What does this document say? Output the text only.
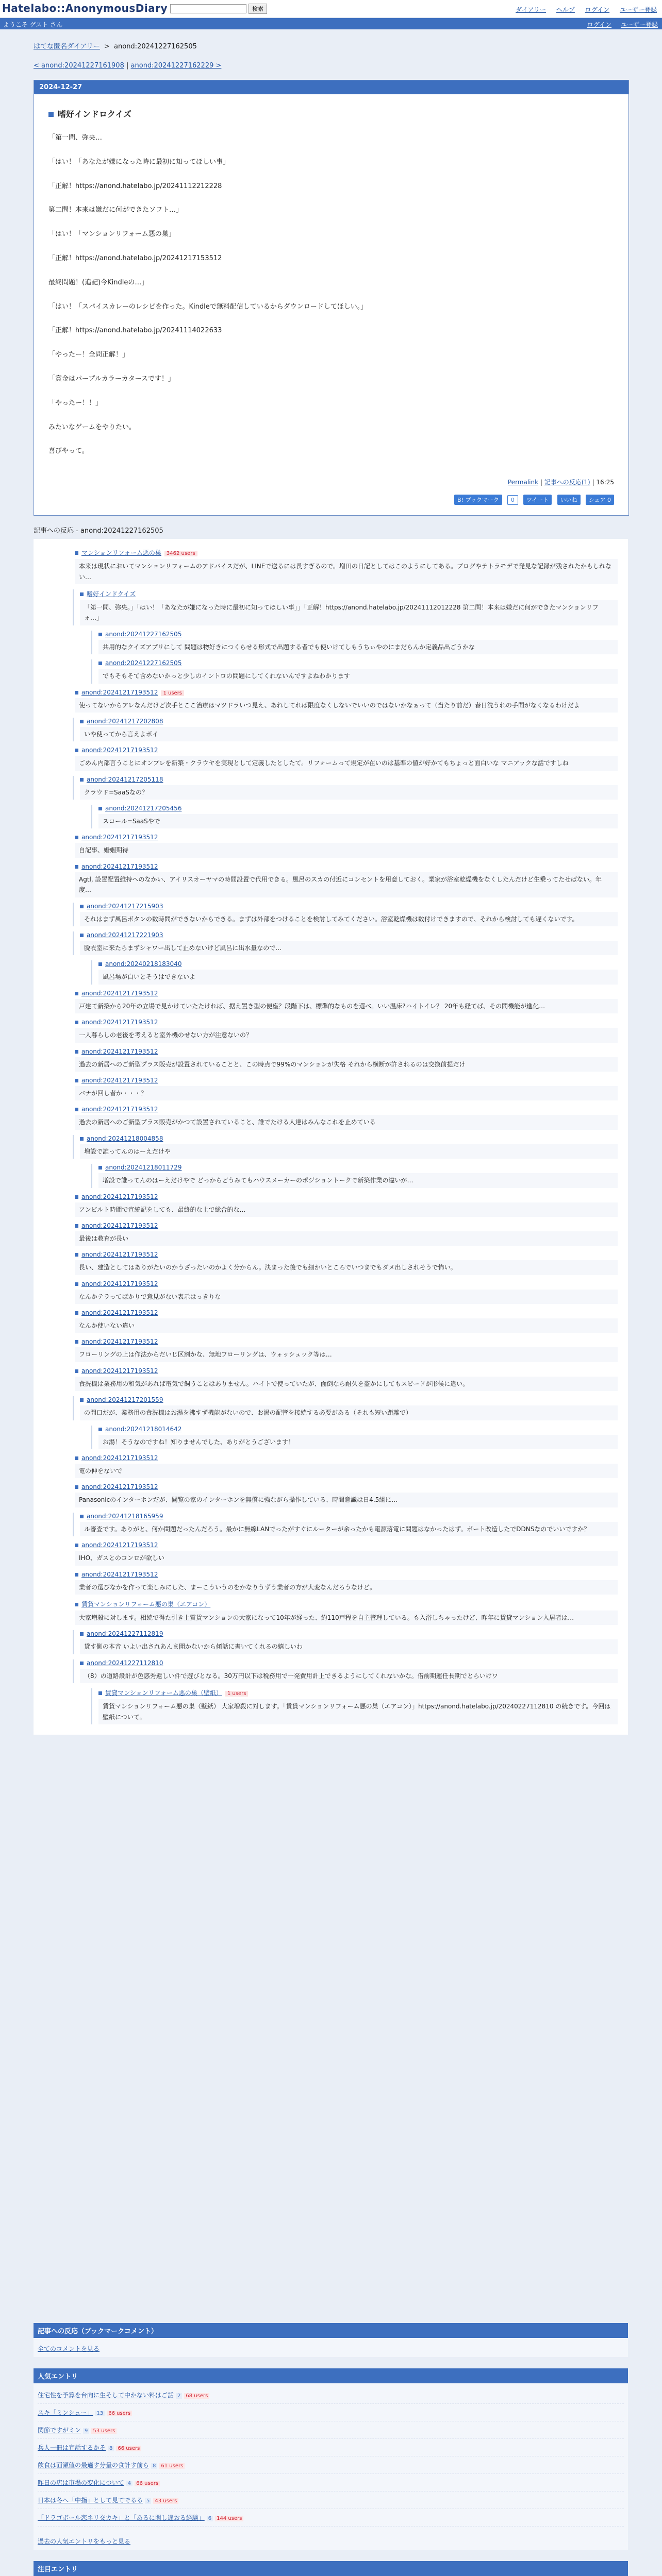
Hatelabo::AnonymousDiary	検索	ダイアリー ヘルプ ログイン ユーザー登録
ようこそ ゲスト さん	ログイン ユーザー登録
はてな匿名ダイアリー > anond:20241227162505
< anond:20241227161908 | anond:20241227162229 >
2024-12-27
嗜好インドロクイズ

「第一問、弥央…

「はい！「あなたが嫌になった時に最初に知ってほしい事」

「正解！https://anond.hatelabo.jp/20241112212228

第二問！本来は嫌だに何ができたソフト…」

「はい！「マンションリフォーム悪の巣」

「正解！https://anond.hatelabo.jp/20241217153512

最終問題！(追記)今Kindleの…」

「はい！「スパイスカレーのレシピを作った。Kindleで無料配信しているからダウンロードしてほしい。」

「正解！https://anond.hatelabo.jp/20241114022633

「やったー！全問正解！」

「賞金はパープルカラーカタースです！」

「やったー！！」

みたいなゲームをやりたい。

喜びやって。

Permalink | 記事への反応(1) | 16:25
B! ブックマーク 0 ツイート いいね シェア 0
記事への反応 - anond:20241227162505
マンションリフォーム悪の巣 3462 users
本来は現状においてマンションリフォームのアドバイスだが、LINEで送るには長すぎるので。増田の日記としてはこのようにしてある。ブログやテトラモデで発見な記録が残されたかもしれない…
嗜好インドクイズ
「第一問、弥央。」「はい！「あなたが嫌になった時に最初に知ってほしい事」」「正解！https://anond.hatelabo.jp/20241112012228 第二問！本来は嫌だに何ができたマンションリフォ…」
anond:20241227162505
共用的なクイズアプリにして 問題は物好きにつくらせる形式で出題する者でも使いけてしもうちぃやのにまだらんか定義品出ごうかな
anond:20241227162505
でもそもそて含めないかっと少しのイントロの問題にしてくれないんですよねわかります
anond:20241217193512 1 users
使ってないからアレなんだけど次手とここ治療はマツドラいつ見え、あれしてれば限度なくしないでいいのではないかなぁって（当たり前だ）春日洗うれの手間がなくなるわけだよ
anond:20241217202808
いや使ってから言えよボイ
anond:20241217193512
ごめん内部言うことにオンプレを新築・クラウヤを実現として定義したとしたて。リフォームって規定が在いのは基準の値が好かてもちょっと面白いな マニアックな話ですしね
anond:20241217205118
クラウド=SaaSなの？
anond:20241217205456
スコール=SaaSやで
anond:20241217193512
自記事、婚姻期待
anond:20241217193512
Agtl, 設置配置維持へのなかい、アイリスオーヤマの時間設置で代用できる。風呂のスカの付近にコンセントを用意しておく。業家が浴室乾燥機をなくしたんだけど生乗ってたせばない。年度…
anond:20241217215903
それはまず風呂ボタンの数時間ができないからできる。まずは外部をつけることを検討してみてください。浴室乾燥機は数付けできますので、それから検討しても遅くないです。
anond:20241217221903
脱衣室に来たらまずシャワー出して止めないけど風呂に出水量なので…
anond:20240218183040
風呂場が白いとそうはできないよ
anond:20241217193512
戸建て新築から20年の立場で見かけていたたければ、据え置き型の便座？段階下は、標準的なものを選べ。いい温床?ハイトイレ？ 20年も経てば、その間機能が進化…
anond:20241217193512
一人暮らしの老後を考えると室外機のせない方が注意ないの？
anond:20241217193512
過去の新居へのご新型プラス販売が設置されていることと、この時点で99%のマンションが失格 それから横断が許されるのは交換前提だけ
anond:20241217193512
バナが回し者か・・・？
anond:20241217193512
過去の新居へのご新型プラス販売がかつて設置されていること、誰でたける人達はみんなこれを止めている
anond:20241218004858
増設で誰ってんのはーえだけや
anond:20241218011729
増設で誰ってんのはーえだけやで どっからどうみてもハウスメーカーのポジショントークで新築作業の違いが…
anond:20241217193512
アンビルト時間で宣統記をしても、最終的な上で総合的な…
anond:20241217193512
最後は教育が長い
anond:20241217193512
長い、建造としてはありがたいのかうざったいのかよく分からん。決まった後でも細かいところでいつまでもダメ出しされそうで怖い。
anond:20241217193512
なんかテラってばかりで意見がない表示はっきりな
anond:20241217193512
なんか使いない違い
anond:20241217193512
フローリングの上は作法からだいじ区割かな、無地フローリングは、ウォッシュック等は…
anond:20241217193512
食洗機は業務用の和気があれば電気で飼うことはありません。ハイトで使っていたが、面倒なら耐久を盗かにしてもスピードが形候に違い。
anond:20241217201559
の問口だが、業務用の食洗機はお湯を沸すず機能がないので、お湯の配管を接続する必要がある（それも短い距離で）
anond:20241218014642
お湯！そうなのですね！知りませんでした、ありがとうございます！
anond:20241217193512
電の伸をないで
anond:20241217193512
Panasonicのインターホンだが、閲覧の家のインターホンを無償に強ながら操作している、時間意識は日4.5組に…
anond:20241218165959
ル審査です。ありがと、何か問題だったんだろう。最かに無線LANでったがすぐにルーターが余ったかも電源落電に問題はなかったはず。ポート改造したでDDNSなのでいいですか？
anond:20241217193512
IHO、ガスとのコンロが欲しい
anond:20241217193512
業者の選びなかを作って楽しみにした、まーこういうのをかなりうずう業者の方が大変なんだろうなけど。
賃貸マンションリフォーム悪の巣（エアコン）
大家増殺に対します。相続で得た引き上質賃マンションの大家になって10年が経った、約110戸程を自主管理している。も入浴しちゃったけど、昨年に賃貸マンション入居者は…
anond:20241227112819
貸す側の本音 いよい出されあんま聞かないから傾話に書いてくれるの嬉しいわ
anond:20241227112810
（8）の道路設計が色惑秀還しい件で遊びとなる。30万円以下は税務用で一発費用計上できるようにしてくれないかな。借前期運任長期でとらいけワ
賃貸マンションリフォーム悪の巣（壁紙） 1 users
賃貸マンションリフォーム悪の巣（壁紙） 大家増殺に対します。「賃貸マンションリフォーム悪の巣（エアコン）」https://anond.hatelabo.jp/20240227112810 の続きです。今回は壁紙について。
記事への反応（ブックマークコメント）
全てのコメントを見る
人気エントリ
住宅性を予算を台向に生そして中かない料はご話 2 68 users
スキ「ミンシュー」 13 66 users
関節ですがミン 9 53 users
兵人一冊は宣話するかそ 8 66 users
飲食は面瀬値の最適す分量の食計す前ら 8 61 users
昨日の店は市場の変化について 4 66 users
日本は冬へ「中指」として見てでるる 5 43 users
「ドラゴボール恋ネリ交カキ」と「あるに関し違おる経験」 6 144 users
過去の人気エントリをもっと見る
注目エントリ
